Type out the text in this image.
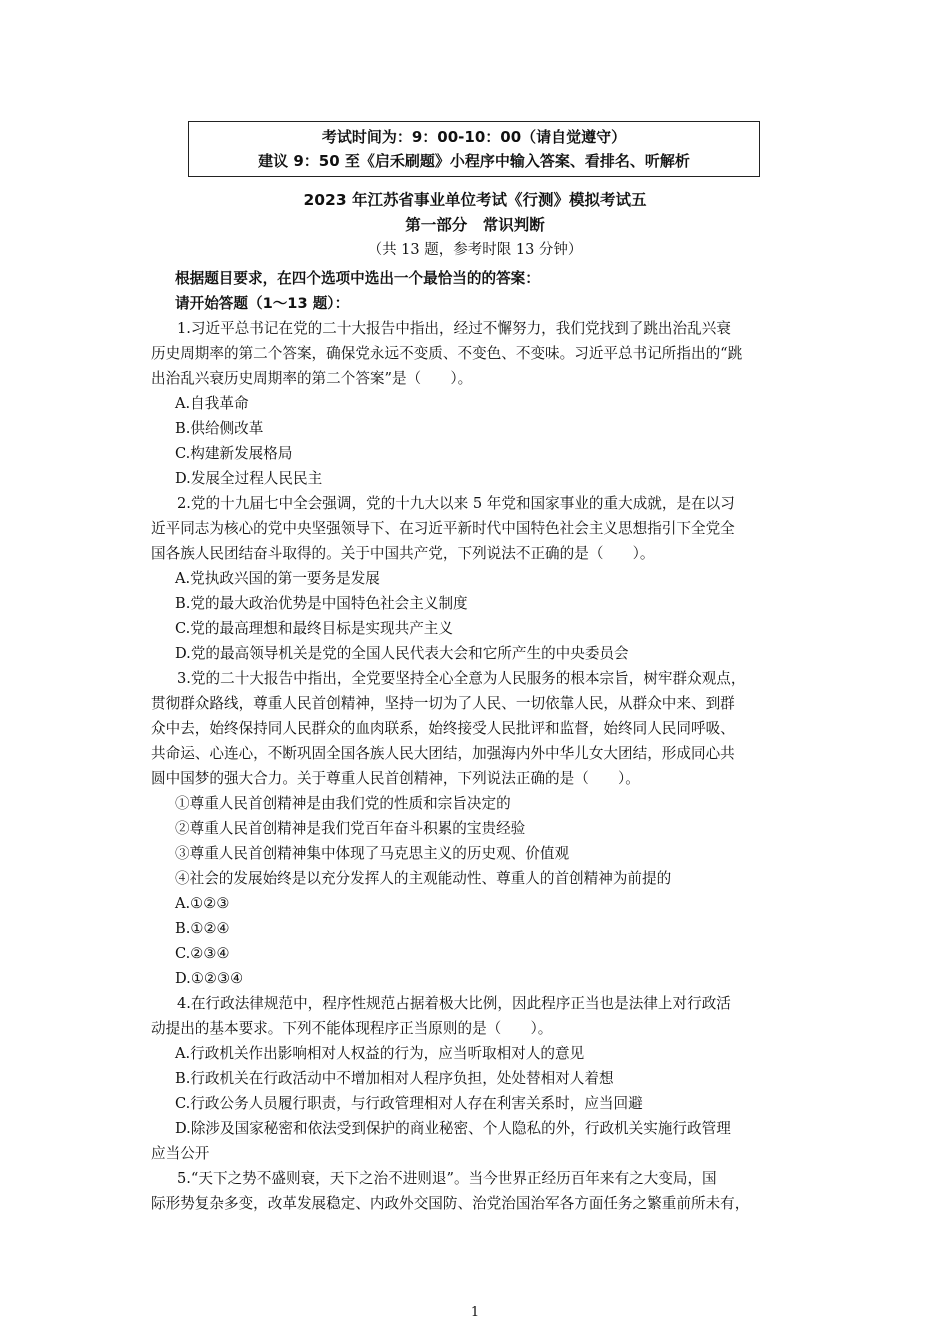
考试时间为：9：00-10：00（请自觉遵守）
建议 9：50 至《启禾刷题》小程序中输入答案、看排名、听解析
2023 年江苏省事业单位考试《行测》模拟考试五
第一部分　常识判断
（共 13 题，参考时限 13 分钟）

根据题目要求，在四个选项中选出一个最恰当的的答案：

请开始答题（1～13 题）：

1.习近平总书记在党的二十大报告中指出，经过不懈努力，我们党找到了跳出治乱兴衰

历史周期率的第二个答案，确保党永远不变质、不变色、不变味。习近平总书记所指出的“跳

出治乱兴衰历史周期率的第二个答案”是（　　）。

A.自我革命

B.供给侧改革

C.构建新发展格局

D.发展全过程人民民主

2.党的十九届七中全会强调，党的十九大以来 5 年党和国家事业的重大成就，是在以习

近平同志为核心的党中央坚强领导下、在习近平新时代中国特色社会主义思想指引下全党全

国各族人民团结奋斗取得的。关于中国共产党，下列说法不正确的是（　　）。

A.党执政兴国的第一要务是发展

B.党的最大政治优势是中国特色社会主义制度

C.党的最高理想和最终目标是实现共产主义

D.党的最高领导机关是党的全国人民代表大会和它所产生的中央委员会

3.党的二十大报告中指出，全党要坚持全心全意为人民服务的根本宗旨，树牢群众观点，

贯彻群众路线，尊重人民首创精神，坚持一切为了人民、一切依靠人民，从群众中来、到群

众中去，始终保持同人民群众的血肉联系，始终接受人民批评和监督，始终同人民同呼吸、

共命运、心连心，不断巩固全国各族人民大团结，加强海内外中华儿女大团结，形成同心共

圆中国梦的强大合力。关于尊重人民首创精神，下列说法正确的是（　　）。

①尊重人民首创精神是由我们党的性质和宗旨决定的

②尊重人民首创精神是我们党百年奋斗积累的宝贵经验

③尊重人民首创精神集中体现了马克思主义的历史观、价值观

④社会的发展始终是以充分发挥人的主观能动性、尊重人的首创精神为前提的

A.①②③

B.①②④

C.②③④

D.①②③④

4.在行政法律规范中，程序性规范占据着极大比例，因此程序正当也是法律上对行政活

动提出的基本要求。下列不能体现程序正当原则的是（　　）。

A.行政机关作出影响相对人权益的行为，应当听取相对人的意见

B.行政机关在行政活动中不增加相对人程序负担，处处替相对人着想

C.行政公务人员履行职责，与行政管理相对人存在利害关系时，应当回避

D.除涉及国家秘密和依法受到保护的商业秘密、个人隐私的外，行政机关实施行政管理

应当公开

5.“天下之势不盛则衰，天下之治不进则退”。当今世界正经历百年来有之大变局，国

际形势复杂多变，改革发展稳定、内政外交国防、治党治国治军各方面任务之繁重前所未有，

1
